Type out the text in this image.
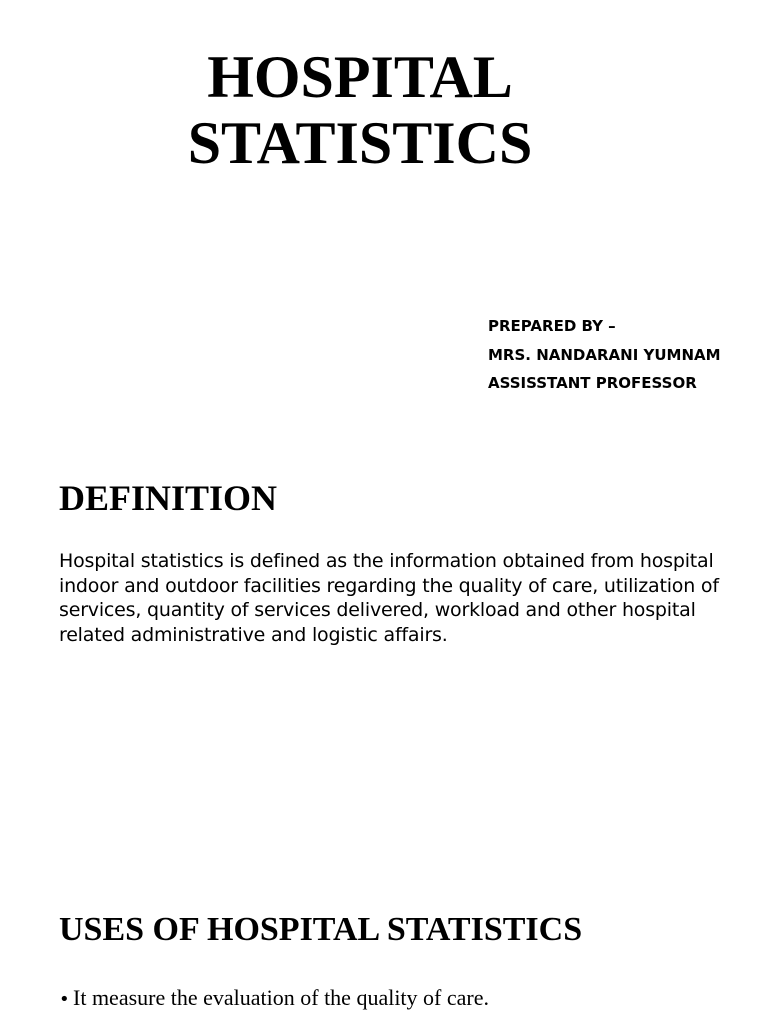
HOSPITAL
STATISTICS
PREPARED BY –
MRS. NANDARANI YUMNAM
ASSISSTANT PROFESSOR
DEFINITION

Hospital statistics is defined as the information obtained from hospital indoor and outdoor facilities regarding the quality of care, utilization of services, quantity of services delivered, workload and other hospital related administrative and logistic affairs.

USES OF HOSPITAL STATISTICS
• It measure the evaluation of the quality of care.
